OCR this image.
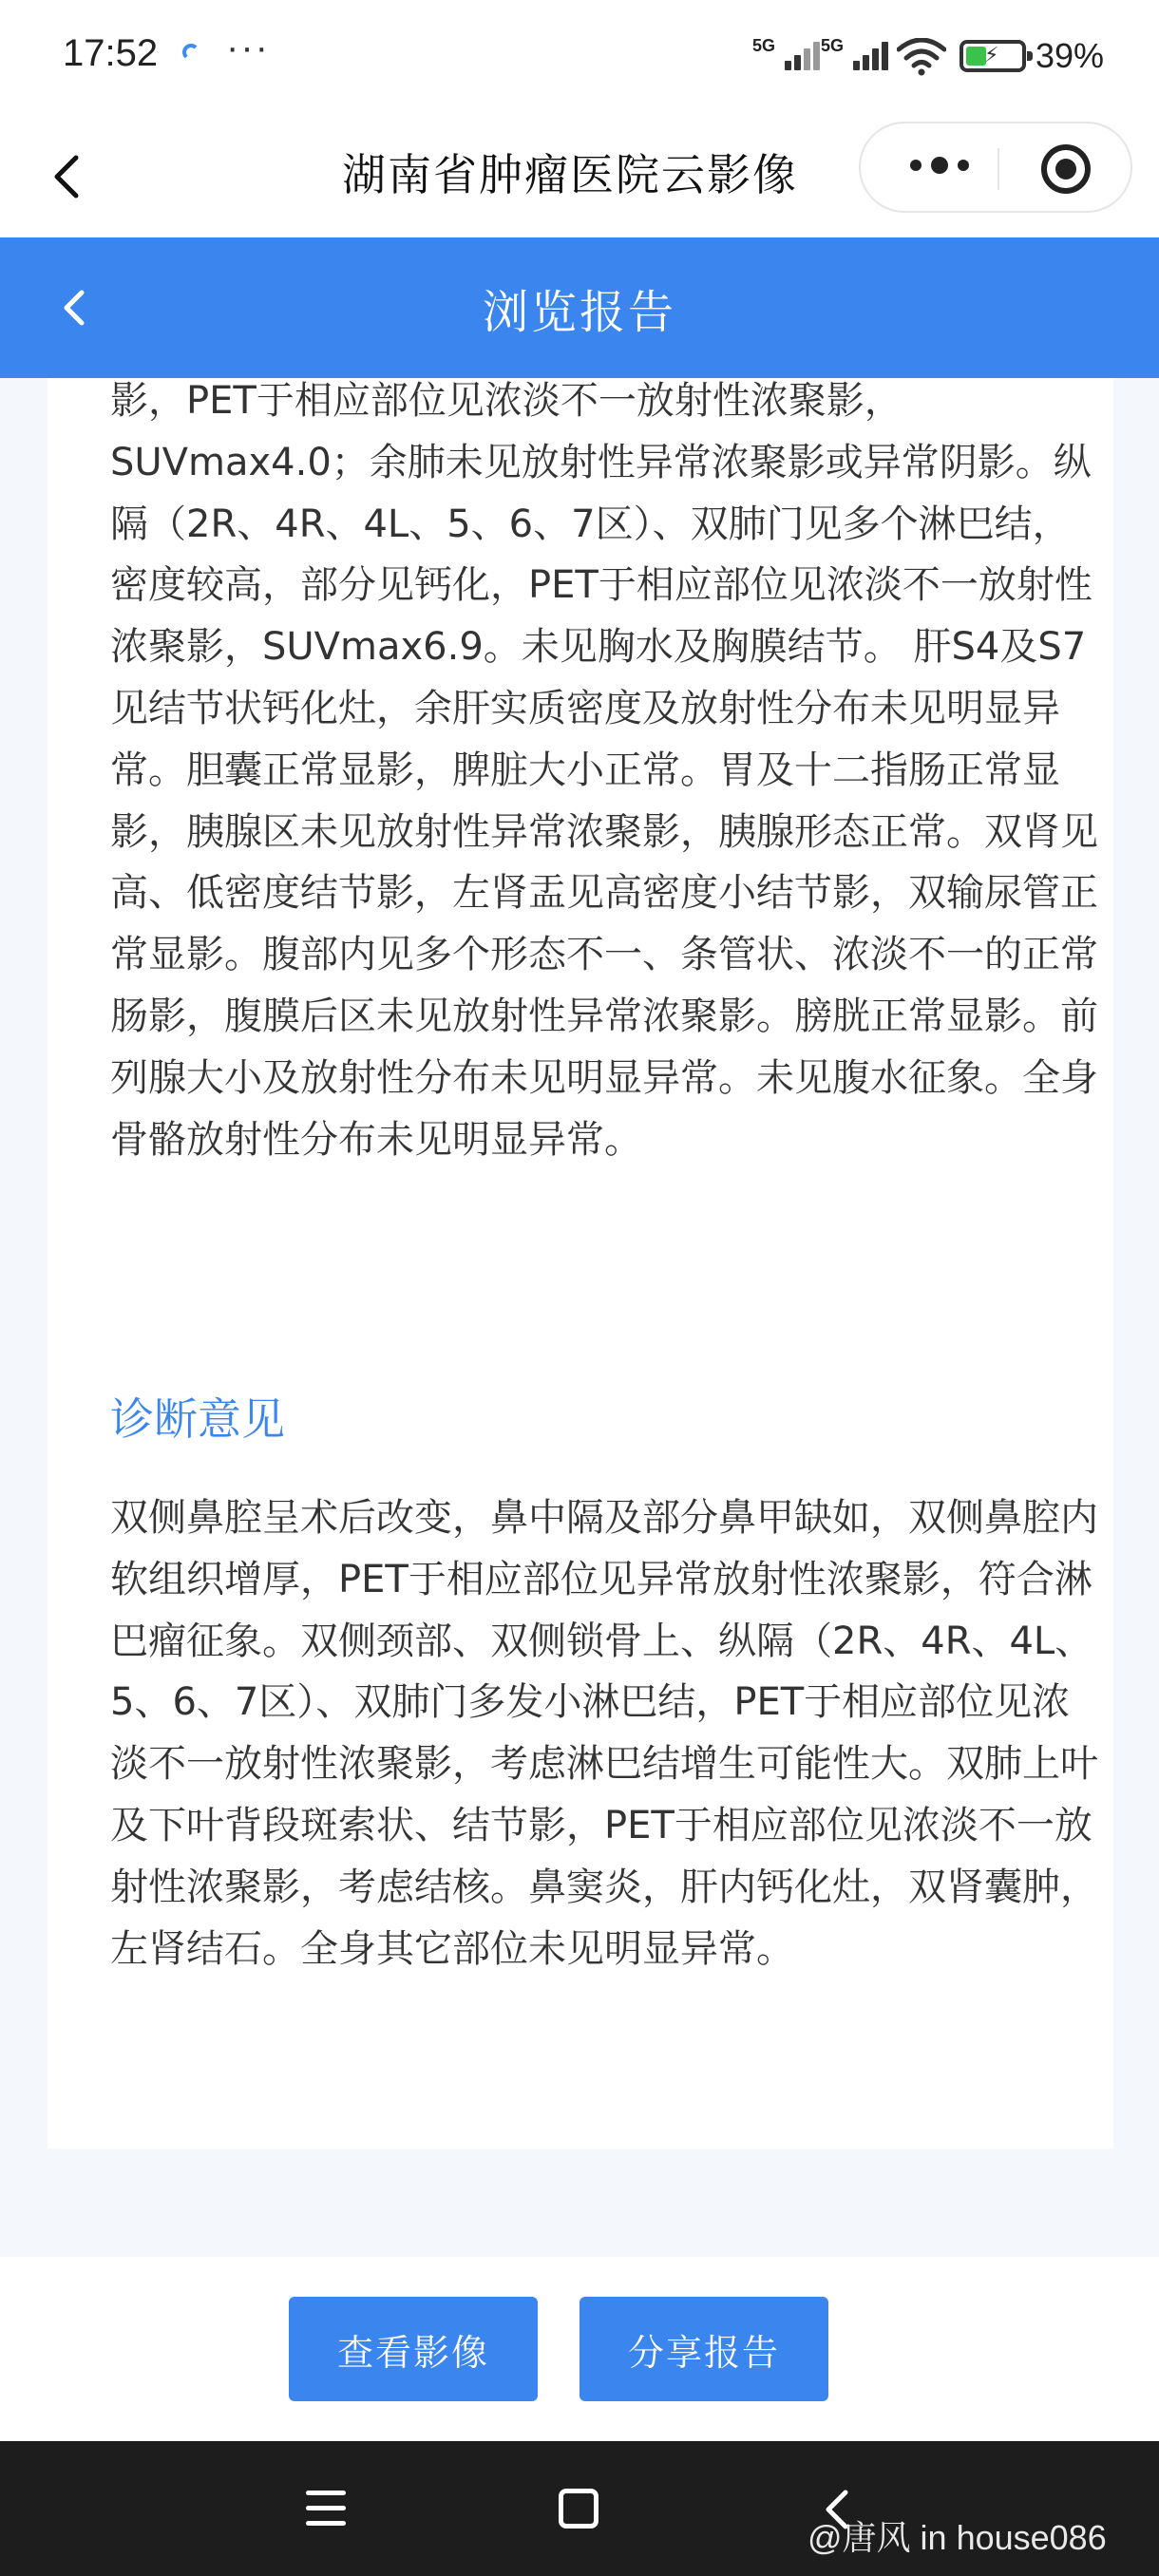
17:52 ···	5G	5G	⚡ 39%
湖南省肿瘤医院云影像
浏览报告
影，PET于相应部位见浓淡不一放射性浓聚影，SUVmax4.0；余肺未见放射性异常浓聚影或异常阴影。纵隔（2R、4R、4L、5、6、7区）、双肺门见多个淋巴结，密度较高，部分见钙化，PET于相应部位见浓淡不一放射性浓聚影，SUVmax6.9。未见胸水及胸膜结节。 肝S4及S7见结节状钙化灶，余肝实质密度及放射性分布未见明显异常。胆囊正常显影，脾脏大小正常。胃及十二指肠正常显影，胰腺区未见放射性异常浓聚影，胰腺形态正常。双肾见高、低密度结节影，左肾盂见高密度小结节影，双输尿管正常显影。腹部内见多个形态不一、条管状、浓淡不一的正常肠影，腹膜后区未见放射性异常浓聚影。膀胱正常显影。前列腺大小及放射性分布未见明显异常。未见腹水征象。全身骨骼放射性分布未见明显异常。
诊断意见
双侧鼻腔呈术后改变，鼻中隔及部分鼻甲缺如，双侧鼻腔内软组织增厚，PET于相应部位见异常放射性浓聚影，符合淋巴瘤征象。双侧颈部、双侧锁骨上、纵隔（2R、4R、4L、5、6、7区）、双肺门多发小淋巴结，PET于相应部位见浓淡不一放射性浓聚影，考虑淋巴结增生可能性大。双肺上叶及下叶背段斑索状、结节影，PET于相应部位见浓淡不一放射性浓聚影，考虑结核。鼻窦炎，肝内钙化灶，双肾囊肿，左肾结石。全身其它部位未见明显异常。
查看影像	分享报告
@唐风 in house086
